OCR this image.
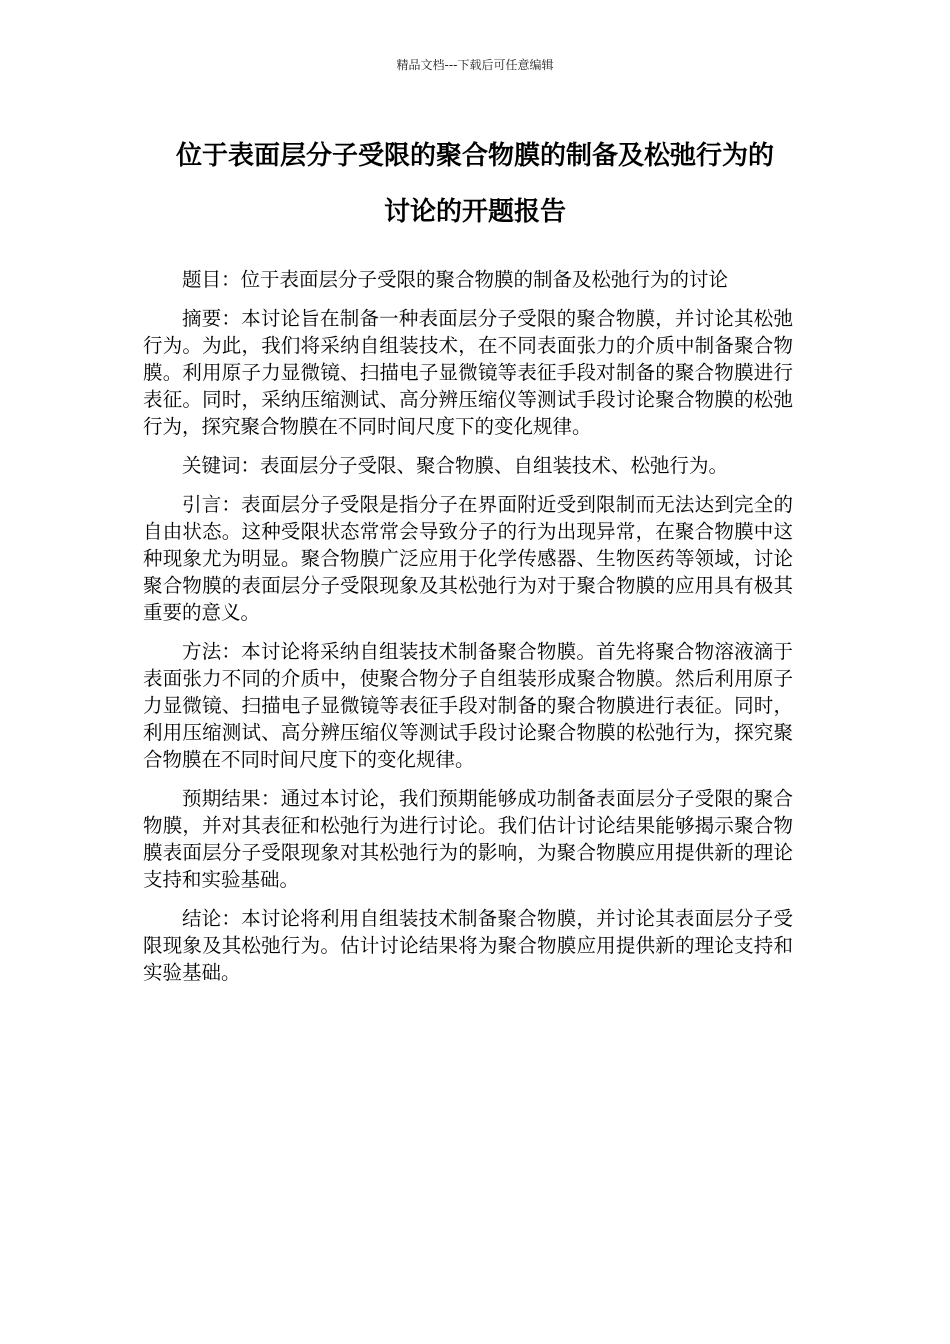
精品文档---下载后可任意编辑
位于表面层分子受限的聚合物膜的制备及松弛行为的
讨论的开题报告

题目：位于表面层分子受限的聚合物膜的制备及松弛行为的讨论

摘要：本讨论旨在制备一种表面层分子受限的聚合物膜，并讨论其松弛行为。为此，我们将采纳自组装技术，在不同表面张力的介质中制备聚合物膜。利用原子力显微镜、扫描电子显微镜等表征手段对制备的聚合物膜进行表征。同时，采纳压缩测试、高分辨压缩仪等测试手段讨论聚合物膜的松弛行为，探究聚合物膜在不同时间尺度下的变化规律。

关键词：表面层分子受限、聚合物膜、自组装技术、松弛行为。

引言：表面层分子受限是指分子在界面附近受到限制而无法达到完全的自由状态。这种受限状态常常会导致分子的行为出现异常，在聚合物膜中这种现象尤为明显。聚合物膜广泛应用于化学传感器、生物医药等领域，讨论聚合物膜的表面层分子受限现象及其松弛行为对于聚合物膜的应用具有极其重要的意义。

方法：本讨论将采纳自组装技术制备聚合物膜。首先将聚合物溶液滴于表面张力不同的介质中，使聚合物分子自组装形成聚合物膜。然后利用原子力显微镜、扫描电子显微镜等表征手段对制备的聚合物膜进行表征。同时，利用压缩测试、高分辨压缩仪等测试手段讨论聚合物膜的松弛行为，探究聚合物膜在不同时间尺度下的变化规律。

预期结果：通过本讨论，我们预期能够成功制备表面层分子受限的聚合物膜，并对其表征和松弛行为进行讨论。我们估计讨论结果能够揭示聚合物膜表面层分子受限现象对其松弛行为的影响，为聚合物膜应用提供新的理论支持和实验基础。

结论：本讨论将利用自组装技术制备聚合物膜，并讨论其表面层分子受限现象及其松弛行为。估计讨论结果将为聚合物膜应用提供新的理论支持和实验基础。
